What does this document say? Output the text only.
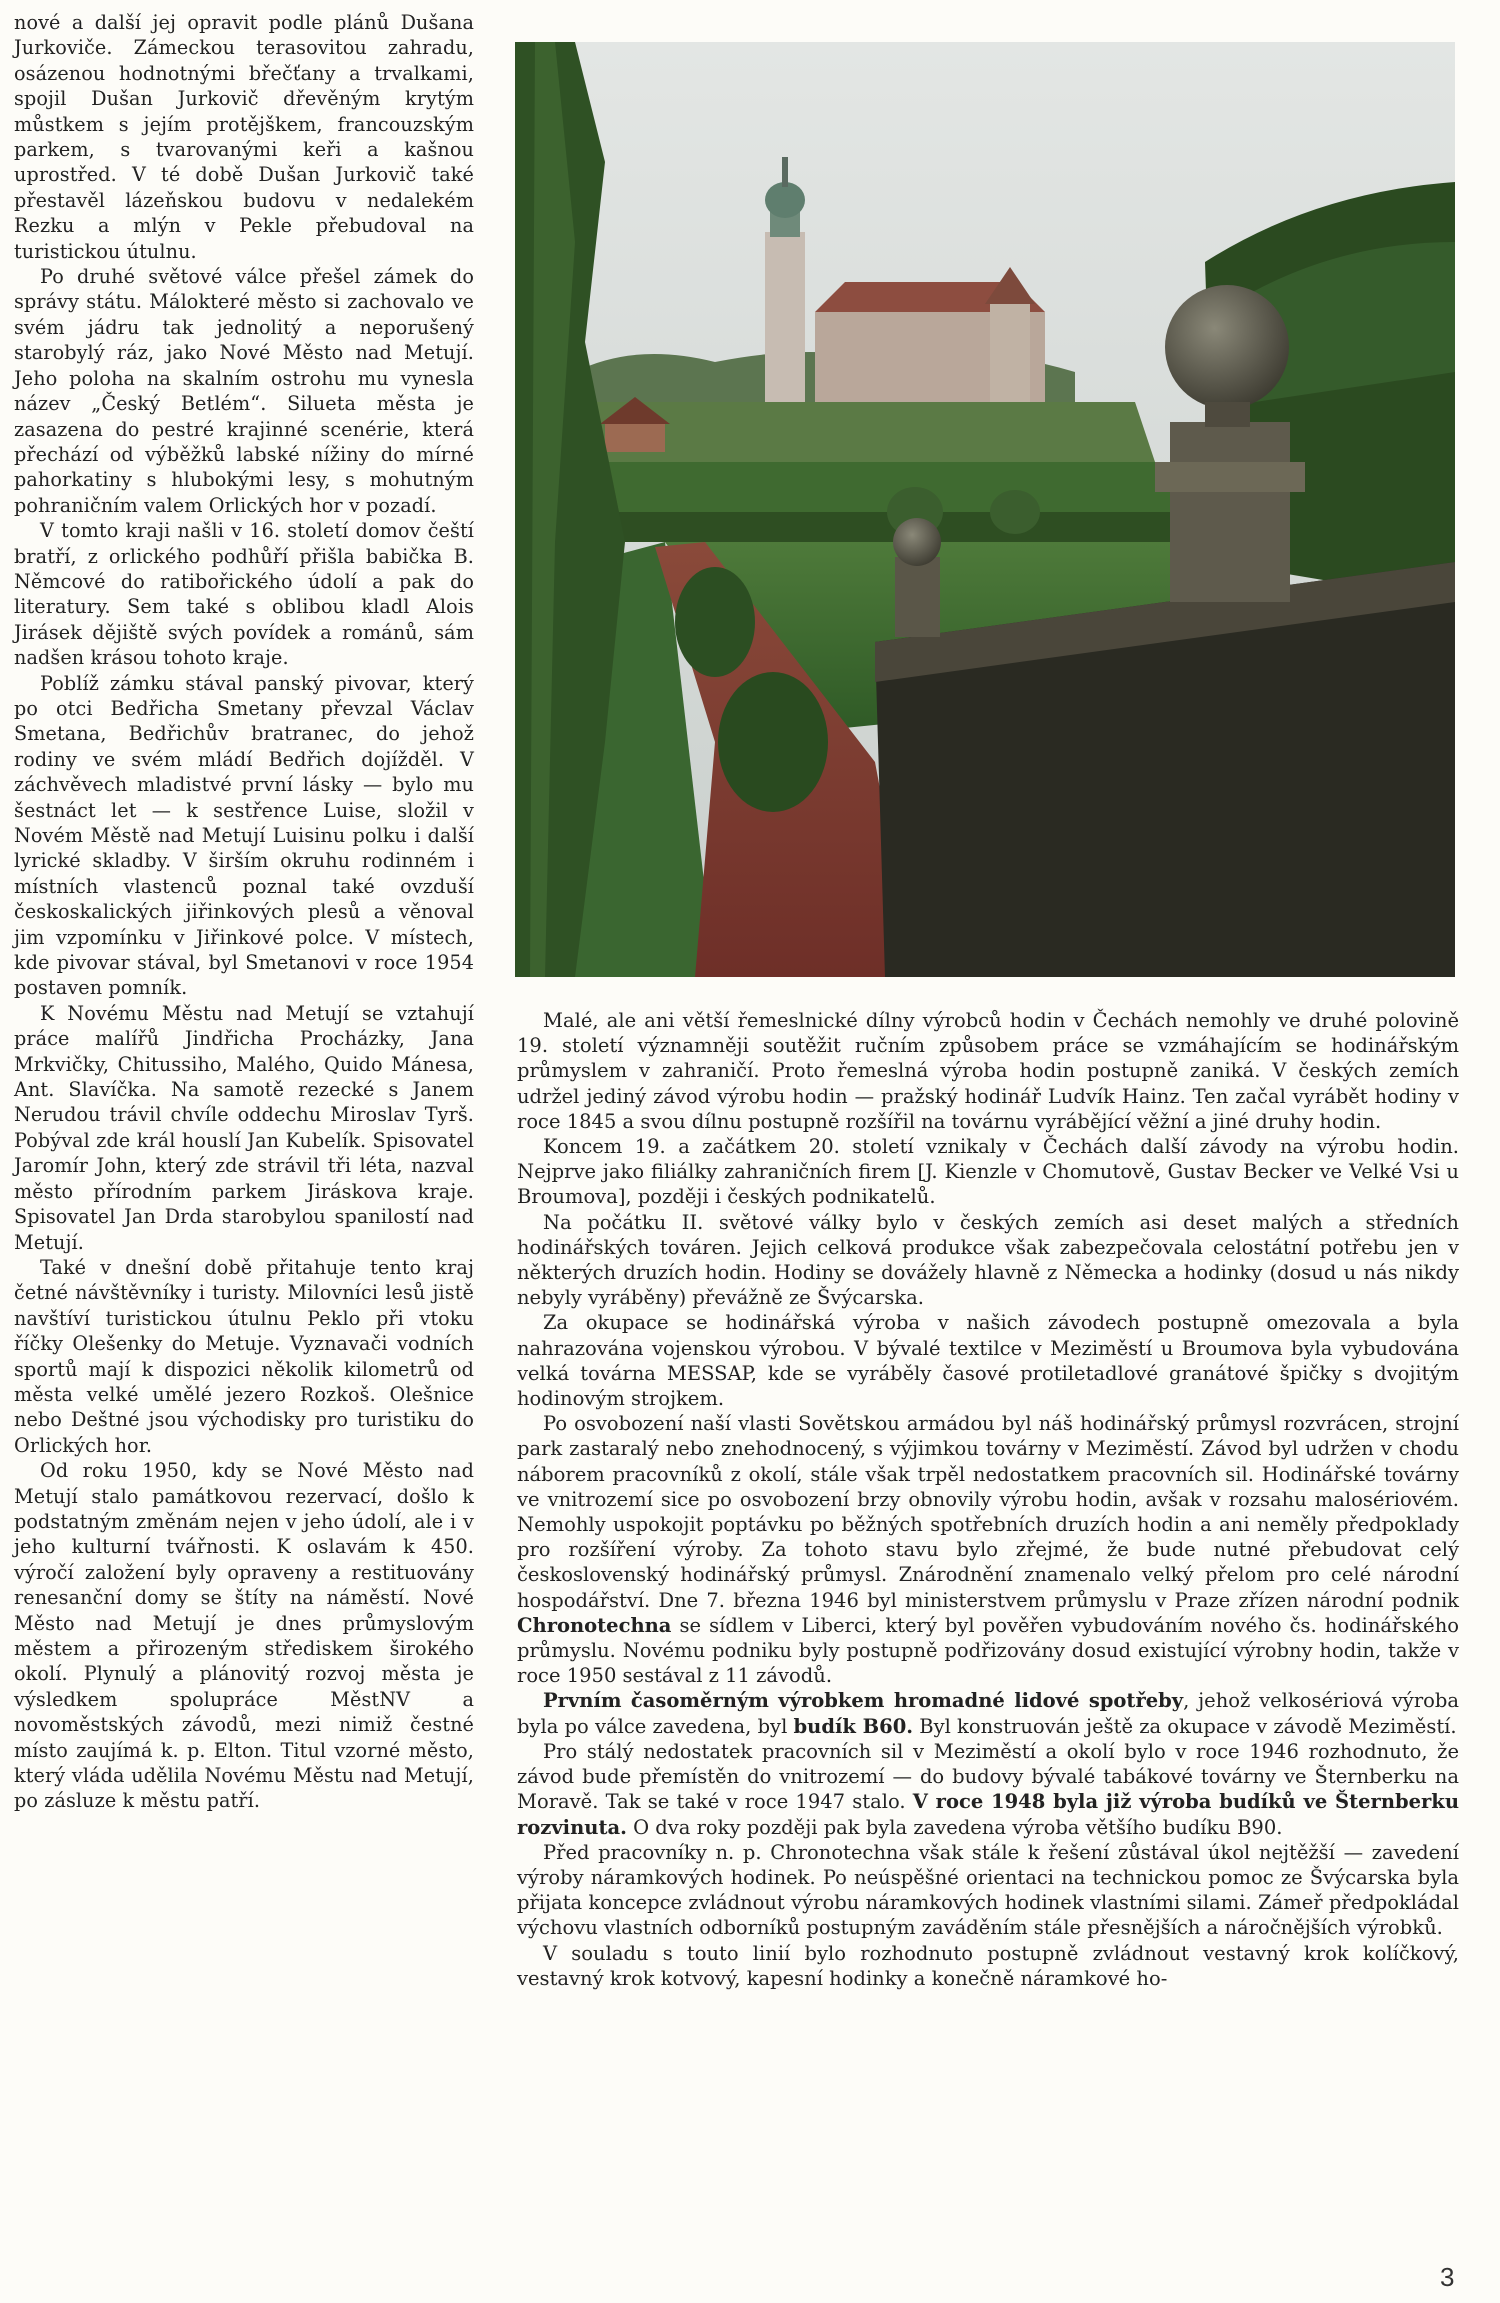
nové a další jej opravit podle plánů Dušana Jurkoviče. Zámeckou terasovitou zahradu, osázenou hodnotnými břečťany a trvalkami, spojil Dušan Jurkovič dřevěným krytým můstkem s jejím protějškem, francouzským parkem, s tvarovanými keři a kašnou uprostřed. V té době Dušan Jurkovič také přestavěl lázeňskou budovu v nedalekém Rezku a mlýn v Pekle přebudoval na turistickou útulnu.

Po druhé světové válce přešel zámek do správy státu. Málokteré město si zachovalo ve svém jádru tak jednolitý a neporušený starobylý ráz, jako Nové Město nad Metují. Jeho poloha na skalním ostrohu mu vynesla název „Český Betlém“. Silueta města je zasazena do pestré krajinné scenérie, která přechází od výběžků labské nížiny do mírné pahorkatiny s hlubokými lesy, s mohutným pohraničním valem Orlických hor v pozadí.

V tomto kraji našli v 16. století domov čeští bratří, z orlického podhůří přišla babička B. Němcové do ratibořického údolí a pak do literatury. Sem také s oblibou kladl Alois Jirásek dějiště svých povídek a románů, sám nadšen krásou tohoto kraje.

Poblíž zámku stával panský pivovar, který po otci Bedřicha Smetany převzal Václav Smetana, Bedřichův bratranec, do jehož rodiny ve svém mládí Bedřich dojížděl. V záchvěvech mladistvé první lásky — bylo mu šestnáct let — k sestřence Luise, složil v Novém Městě nad Metují Luisinu polku i další lyrické skladby. V širším okruhu rodinném i místních vlastenců poznal také ovzduší českoskalických jiřinkových plesů a věnoval jim vzpomínku v Jiřinkové polce. V místech, kde pivovar stával, byl Smetanovi v roce 1954 postaven pomník.

K Novému Městu nad Metují se vztahují práce malířů Jindřicha Procházky, Jana Mrkvičky, Chitussiho, Malého, Quido Mánesa, Ant. Slavíčka. Na samotě rezecké s Janem Nerudou trávil chvíle oddechu Miroslav Tyrš. Pobýval zde král houslí Jan Kubelík. Spisovatel Jaromír John, který zde strávil tři léta, nazval město přírodním parkem Jiráskova kraje. Spisovatel Jan Drda starobylou spanilostí nad Metují.

Také v dnešní době přitahuje tento kraj četné návštěvníky i turisty. Milovníci lesů jistě navštíví turistickou útulnu Peklo při vtoku říčky Olešenky do Metuje. Vyznavači vodních sportů mají k dispozici několik kilometrů od města velké umělé jezero Rozkoš. Olešnice nebo Deštné jsou východisky pro turistiku do Orlických hor.

Od roku 1950, kdy se Nové Město nad Metují stalo památkovou rezervací, došlo k podstatným změnám nejen v jeho údolí, ale i v jeho kulturní tvářnosti. K oslavám k 450. výročí založení byly opraveny a restituovány renesanční domy se štíty na náměstí. Nové Město nad Metují je dnes průmyslovým městem a přirozeným střediskem širokého okolí. Plynulý a plánovitý rozvoj města je výsledkem spolupráce MěstNV a novoměstských závodů, mezi nimiž čestné místo zaujímá k. p. Elton. Titul vzorné město, který vláda udělila Novému Městu nad Metují, po zásluze k městu patří.

Malé, ale ani větší řemeslnické dílny výrobců hodin v Čechách nemohly ve druhé polovině 19. století významněji soutěžit ručním způsobem práce se vzmáhajícím se hodinářským průmyslem v zahraničí. Proto řemeslná výroba hodin postupně zaniká. V českých zemích udržel jediný závod výrobu hodin — pražský hodinář Ludvík Hainz. Ten začal vyrábět hodiny v roce 1845 a svou dílnu postupně rozšířil na továrnu vyrábějící věžní a jiné druhy hodin.

Koncem 19. a začátkem 20. století vznikaly v Čechách další závody na výrobu hodin. Nejprve jako filiálky zahraničních firem [J. Kienzle v Chomutově, Gustav Becker ve Velké Vsi u Broumova], později i českých podnikatelů.

Na počátku II. světové války bylo v českých zemích asi deset malých a středních hodinářských továren. Jejich celková produkce však zabezpečovala celostátní potřebu jen v některých druzích hodin. Hodiny se dovážely hlavně z Německa a hodinky (dosud u nás nikdy nebyly vyráběny) převážně ze Švýcarska.

Za okupace se hodinářská výroba v našich závodech postupně omezovala a byla nahrazována vojenskou výrobou. V bývalé textilce v Meziměstí u Broumova byla vybudována velká továrna MESSAP, kde se vyráběly časové protiletadlové granátové špičky s dvojitým hodinovým strojkem.

Po osvobození naší vlasti Sovětskou armádou byl náš hodinářský průmysl rozvrácen, strojní park zastaralý nebo znehodnocený, s výjimkou továrny v Meziměstí. Závod byl udržen v chodu náborem pracovníků z okolí, stále však trpěl nedostatkem pracovních sil. Hodinářské továrny ve vnitrozemí sice po osvobození brzy obnovily výrobu hodin, avšak v rozsahu malosériovém. Nemohly uspokojit poptávku po běžných spotřebních druzích hodin a ani neměly předpoklady pro rozšíření výroby. Za tohoto stavu bylo zřejmé, že bude nutné přebudovat celý československý hodinářský průmysl. Znárodnění znamenalo velký přelom pro celé národní hospodářství. Dne 7. března 1946 byl ministerstvem průmyslu v Praze zřízen národní podnik Chronotechna se sídlem v Liberci, který byl pověřen vybudováním nového čs. hodinářského průmyslu. Novému podniku byly postupně podřizovány dosud existující výrobny hodin, takže v roce 1950 sestával z 11 závodů.

Prvním časoměrným výrobkem hromadné lidové spotřeby, jehož velkosériová výroba byla po válce zavedena, byl budík B60. Byl konstruován ještě za okupace v závodě Meziměstí.

Pro stálý nedostatek pracovních sil v Meziměstí a okolí bylo v roce 1946 rozhodnuto, že závod bude přemístěn do vnitrozemí — do budovy bývalé tabákové továrny ve Šternberku na Moravě. Tak se také v roce 1947 stalo. V roce 1948 byla již výroba budíků ve Šternberku rozvinuta. O dva roky později pak byla zavedena výroba většího budíku B90.

Před pracovníky n. p. Chronotechna však stále k řešení zůstával úkol nejtěžší — zavedení výroby náramkových hodinek. Po neúspěšné orientaci na technickou pomoc ze Švýcarska byla přijata koncepce zvládnout výrobu náramkových hodinek vlastními silami. Zámeř předpokládal výchovu vlastních odborníků postupným zaváděním stále přesnějších a náročnějších výrobků.

V souladu s touto linií bylo rozhodnuto postupně zvládnout vestavný krok kolíčkový, vestavný krok kotvový, kapesní hodinky a konečně náramkové ho-

3
